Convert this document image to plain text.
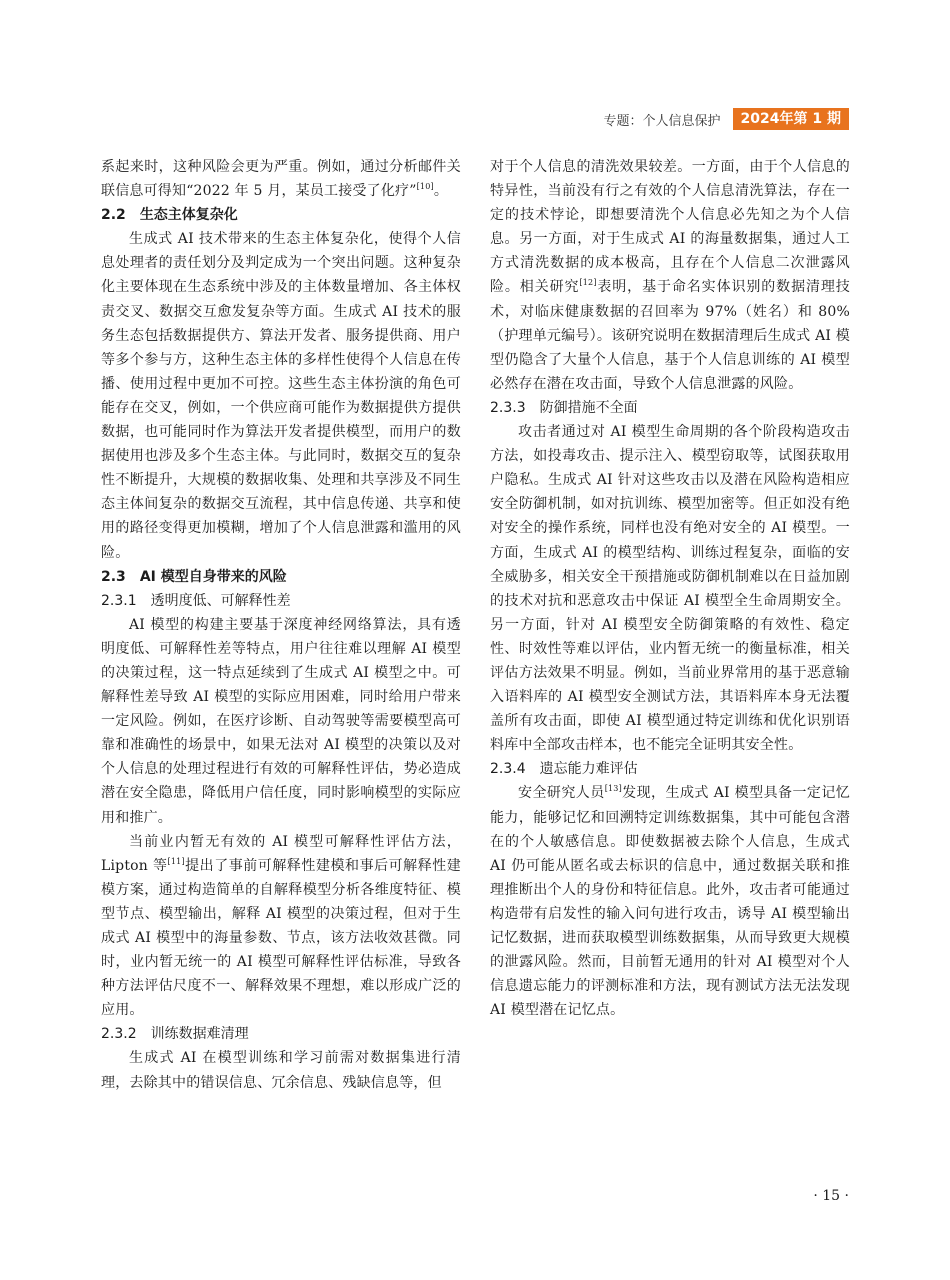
专题：个人信息保护	2024年第 1 期

系起来时，这种风险会更为严重。例如，通过分析邮件关联信息可得知“2022 年 5 月，某员工接受了化疗”[10]。

2.2 生态主体复杂化

生成式 AI 技术带来的生态主体复杂化，使得个人信息处理者的责任划分及判定成为一个突出问题。这种复杂化主要体现在生态系统中涉及的主体数量增加、各主体权责交叉、数据交互愈发复杂等方面。生成式 AI 技术的服务生态包括数据提供方、算法开发者、服务提供商、用户等多个参与方，这种生态主体的多样性使得个人信息在传播、使用过程中更加不可控。这些生态主体扮演的角色可能存在交叉，例如，一个供应商可能作为数据提供方提供数据，也可能同时作为算法开发者提供模型，而用户的数据使用也涉及多个生态主体。与此同时，数据交互的复杂性不断提升，大规模的数据收集、处理和共享涉及不同生态主体间复杂的数据交互流程，其中信息传递、共享和使用的路径变得更加模糊，增加了个人信息泄露和滥用的风险。

2.3 AI 模型自身带来的风险
2.3.1 透明度低、可解释性差

AI 模型的构建主要基于深度神经网络算法，具有透明度低、可解释性差等特点，用户往往难以理解 AI 模型的决策过程，这一特点延续到了生成式 AI 模型之中。可解释性差导致 AI 模型的实际应用困难，同时给用户带来一定风险。例如，在医疗诊断、自动驾驶等需要模型高可靠和准确性的场景中，如果无法对 AI 模型的决策以及对个人信息的处理过程进行有效的可解释性评估，势必造成潜在安全隐患，降低用户信任度，同时影响模型的实际应用和推广。

当前业内暂无有效的 AI 模型可解释性评估方法，Lipton 等[11]提出了事前可解释性建模和事后可解释性建模方案，通过构造简单的自解释模型分析各维度特征、模型节点、模型输出，解释 AI 模型的决策过程，但对于生成式 AI 模型中的海量参数、节点，该方法收效甚微。同时，业内暂无统一的 AI 模型可解释性评估标准，导致各种方法评估尺度不一、解释效果不理想，难以形成广泛的应用。

2.3.2 训练数据难清理

生成式 AI 在模型训练和学习前需对数据集进行清理，去除其中的错误信息、冗余信息、残缺信息等，但

对于个人信息的清洗效果较差。一方面，由于个人信息的特异性，当前没有行之有效的个人信息清洗算法，存在一定的技术悖论，即想要清洗个人信息必先知之为个人信息。另一方面，对于生成式 AI 的海量数据集，通过人工方式清洗数据的成本极高，且存在个人信息二次泄露风险。相关研究[12]表明，基于命名实体识别的数据清理技术，对临床健康数据的召回率为 97%（姓名）和 80%（护理单元编号）。该研究说明在数据清理后生成式 AI 模型仍隐含了大量个人信息，基于个人信息训练的 AI 模型必然存在潜在攻击面，导致个人信息泄露的风险。

2.3.3 防御措施不全面

攻击者通过对 AI 模型生命周期的各个阶段构造攻击方法，如投毒攻击、提示注入、模型窃取等，试图获取用户隐私。生成式 AI 针对这些攻击以及潜在风险构造相应安全防御机制，如对抗训练、模型加密等。但正如没有绝对安全的操作系统，同样也没有绝对安全的 AI 模型。一方面，生成式 AI 的模型结构、训练过程复杂，面临的安全威胁多，相关安全干预措施或防御机制难以在日益加剧的技术对抗和恶意攻击中保证 AI 模型全生命周期安全。另一方面，针对 AI 模型安全防御策略的有效性、稳定性、时效性等难以评估，业内暂无统一的衡量标准，相关评估方法效果不明显。例如，当前业界常用的基于恶意输入语料库的 AI 模型安全测试方法，其语料库本身无法覆盖所有攻击面，即使 AI 模型通过特定训练和优化识别语料库中全部攻击样本，也不能完全证明其安全性。

2.3.4 遗忘能力难评估

安全研究人员[13]发现，生成式 AI 模型具备一定记忆能力，能够记忆和回溯特定训练数据集，其中可能包含潜在的个人敏感信息。即使数据被去除个人信息，生成式 AI 仍可能从匿名或去标识的信息中，通过数据关联和推理推断出个人的身份和特征信息。此外，攻击者可能通过构造带有启发性的输入问句进行攻击，诱导 AI 模型输出记忆数据，进而获取模型训练数据集，从而导致更大规模的泄露风险。然而，目前暂无通用的针对 AI 模型对个人信息遗忘能力的评测标准和方法，现有测试方法无法发现 AI 模型潜在记忆点。

· 15 ·
